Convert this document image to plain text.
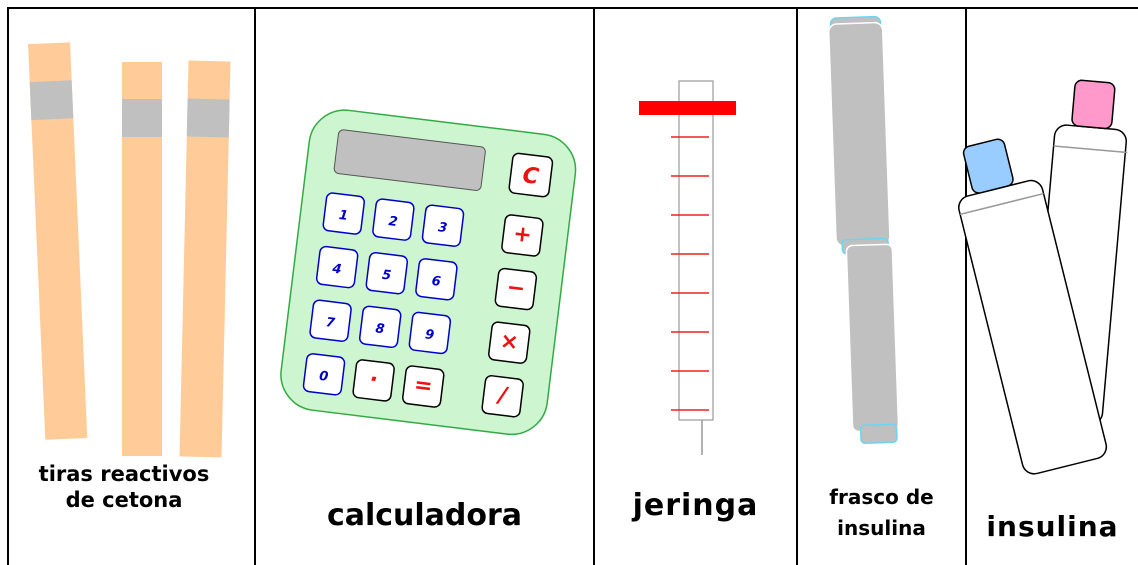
tiras reactivos
de cetona
C
1	2	3
4	5	6
7	8	9
0
+
−
×
· =	/
calculadora	jeringa	frasco de
insulina	insulina
